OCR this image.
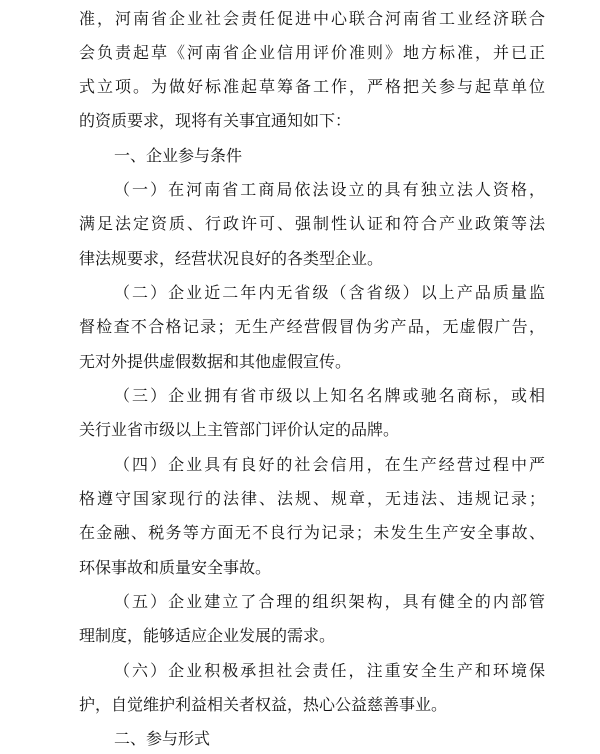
准，河南省企业社会责任促进中心联合河南省工业经济联合

会负责起草《河南省企业信用评价准则》地方标准，并已正

式立项。为做好标准起草筹备工作，严格把关参与起草单位

的资质要求，现将有关事宜通知如下：

一、企业参与条件

（一）在河南省工商局依法设立的具有独立法人资格，

满足法定资质、行政许可、强制性认证和符合产业政策等法

律法规要求，经营状况良好的各类型企业。

（二）企业近二年内无省级（含省级）以上产品质量监

督检查不合格记录；无生产经营假冒伪劣产品，无虚假广告，

无对外提供虚假数据和其他虚假宣传。

（三）企业拥有省市级以上知名名牌或驰名商标，或相

关行业省市级以上主管部门评价认定的品牌。

（四）企业具有良好的社会信用，在生产经营过程中严

格遵守国家现行的法律、法规、规章，无违法、违规记录；

在金融、税务等方面无不良行为记录；未发生生产安全事故、

环保事故和质量安全事故。

（五）企业建立了合理的组织架构，具有健全的内部管

理制度，能够适应企业发展的需求。

（六）企业积极承担社会责任，注重安全生产和环境保

护，自觉维护利益相关者权益，热心公益慈善事业。

二、参与形式
